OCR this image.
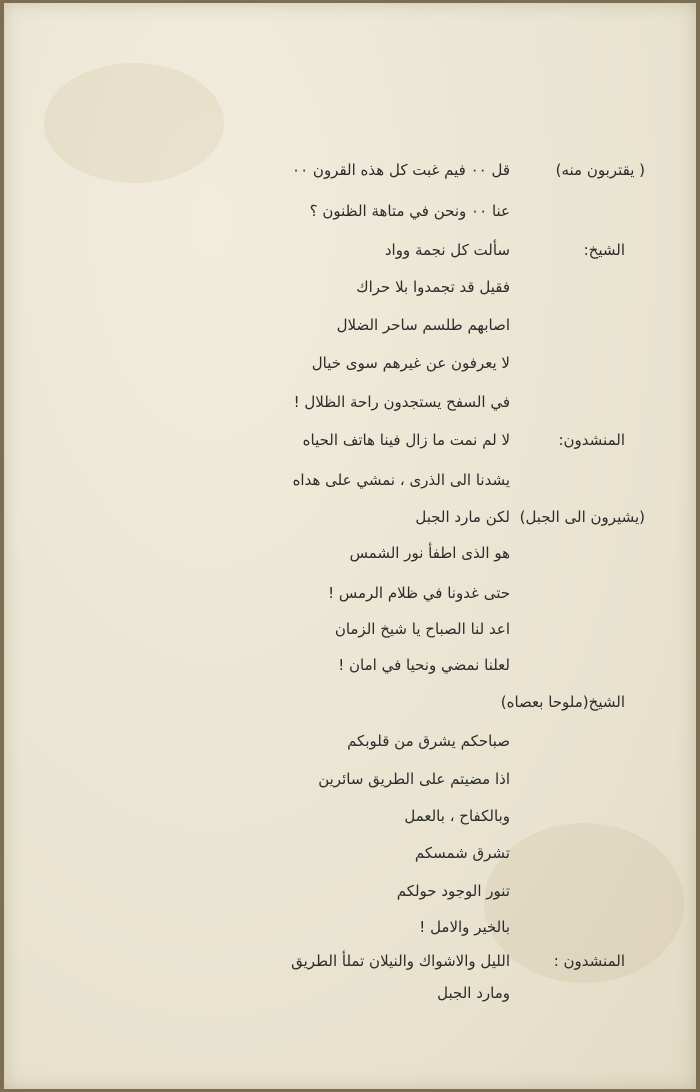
( يقتربون منه)
قل ٠٠ فيم غبت كل هذه القرون ٠٠
عنا ٠٠ ونحن في متاهة الظنون ؟
الشيخ:
سألت كل نجمة وواد
فقيل قد تجمدوا بلا حراك
اصابهم طلسم ساحر الضلال
لا يعرفون عن غيرهم سوى خيال
في السفح يستجدون راحة الظلال !
المنشدون:
لا لم نمت ما زال فينا هاتف الحياه
يشدنا الى الذرى ، نمشي على هداه
(يشيرون الى الجبل)
لكن مارد الجبل
هو الذى اطفأ نور الشمس
حتى غدونا في ظلام الرمس !
اعد لنا الصباح يا شيخ الزمان
لعلنا نمضي ونحيا في امان !
الشيخ(ملوحا بعصاه)
صباحكم يشرق من قلوبكم
اذا مضيتم على الطريق سائرين
وبالكفاح ، بالعمل
تشرق شمسكم
تنور الوجود حولكم
بالخير والامل !
المنشدون :
الليل والاشواك والنيلان تملأ الطريق
ومارد الجبل
